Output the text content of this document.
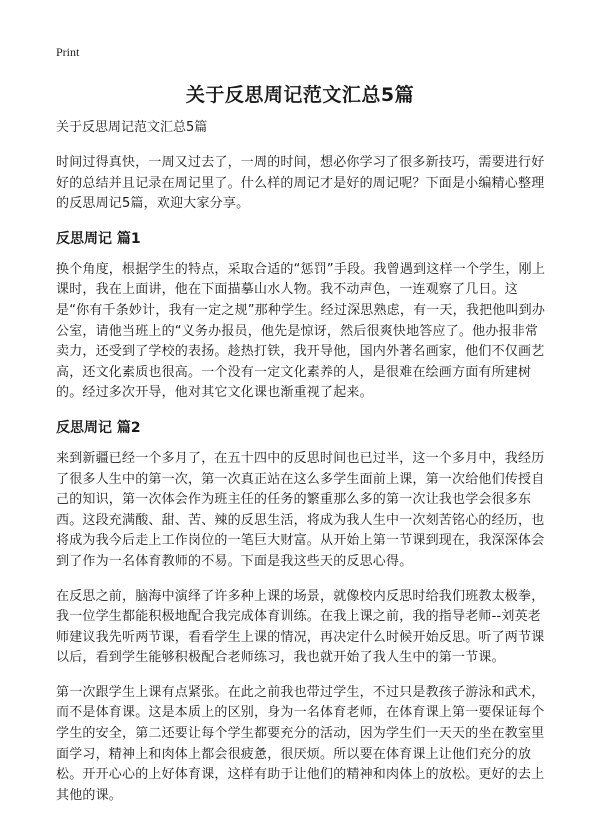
Print
关于反思周记范文汇总5篇

关于反思周记范文汇总5篇

时间过得真快，一周又过去了，一周的时间，想必你学习了很多新技巧，需要进行好好的总结并且记录在周记里了。什么样的周记才是好的周记呢？下面是小编精心整理的反思周记5篇，欢迎大家分享。

反思周记 篇1

换个角度，根据学生的特点，采取合适的“惩罚”手段。我曾遇到这样一个学生，刚上课时，我在上面讲，他在下面描摹山水人物。我不动声色，一连观察了几日。这是“你有千条妙计，我有一定之规”那种学生。经过深思熟虑，有一天，我把他叫到办公室，请他当班上的“义务办报员，他先是惊讶，然后很爽快地答应了。他办报非常卖力，还受到了学校的表扬。趁热打铁，我开导他，国内外著名画家，他们不仅画艺高，还文化素质也很高。一个没有一定文化素养的人，是很难在绘画方面有所建树的。经过多次开导，他对其它文化课也渐重视了起来。

反思周记 篇2

来到新疆已经一个多月了，在五十四中的反思时间也已过半，这一个多月中，我经历了很多人生中的第一次，第一次真正站在这么多学生面前上课，第一次给他们传授自己的知识，第一次体会作为班主任的任务的繁重那么多的第一次让我也学会很多东西。这段充满酸、甜、苦、辣的反思生活，将成为我人生中一次刻苦铭心的经历，也将成为我今后走上工作岗位的一笔巨大财富。从开始上第一节课到现在，我深深体会到了作为一名体育教师的不易。下面是我这些天的反思心得。

在反思之前，脑海中演绎了许多种上课的场景，就像校内反思时给我们班教太极拳，我一位学生都能积极地配合我完成体育训练。在我上课之前，我的指导老师--刘英老师建议我先听两节课，看看学生上课的情况，再决定什么时候开始反思。听了两节课以后，看到学生能够积极配合老师练习，我也就开始了我人生中的第一节课。

第一次跟学生上课有点紧张。在此之前我也带过学生，不过只是教孩子游泳和武术，而不是体育课。这是本质上的区别，身为一名体育老师，在体育课上第一要保证每个学生的安全，第二还要让每个学生都要充分的活动，因为学生们一天天的坐在教室里面学习，精神上和肉体上都会很疲惫，很厌烦。所以要在体育课上让他们充分的放松。开开心心的上好体育课，这样有助于让他们的精神和肉体上的放松。更好的去上其他的课。
